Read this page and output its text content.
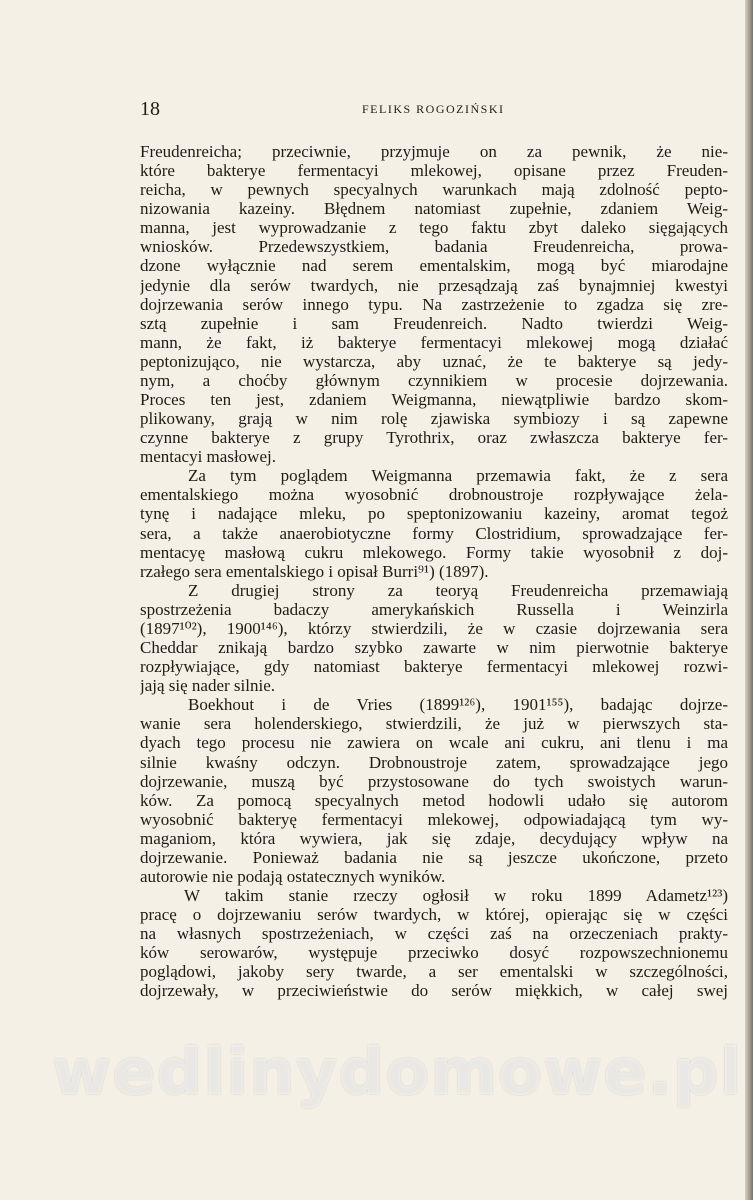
18	FELIKS ROGOZIŃSKI
Freudenreicha; przeciwnie, przyjmuje on za pewnik, że nie-
które bakterye fermentacyi mlekowej, opisane przez Freuden-
reicha, w pewnych specyalnych warunkach mają zdolność pepto-
nizowania kazeiny. Błędnem natomiast zupełnie, zdaniem Weig-
manna, jest wyprowadzanie z tego faktu zbyt daleko sięgających
wniosków. Przedewszystkiem, badania Freudenreicha, prowa-
dzone wyłącznie nad serem ementalskim, mogą być miarodajne
jedynie dla serów twardych, nie przesądzają zaś bynajmniej kwestyi
dojrzewania serów innego typu. Na zastrzeżenie to zgadza się zre-
sztą zupełnie i sam Freudenreich. Nadto twierdzi Weig-
mann, że fakt, iż bakterye fermentacyi mlekowej mogą działać
peptonizująco, nie wystarcza, aby uznać, że te bakterye są jedy-
nym, a choćby głównym czynnikiem w procesie dojrzewania.
Proces ten jest, zdaniem Weigmanna, niewątpliwie bardzo skom-
plikowany, grają w nim rolę zjawiska symbiozy i są zapewne
czynne bakterye z grupy Tyrothrix, oraz zwłaszcza bakterye fer-
mentacyi masłowej.
Za tym poglądem Weigmanna przemawia fakt, że z sera
ementalskiego można wyosobnić drobnoustroje rozpływające żela-
tynę i nadające mleku, po speptonizowaniu kazeiny, aromat tegoż
sera, a także anaerobiotyczne formy Clostridium, sprowadzające fer-
mentacyę masłową cukru mlekowego. Formy takie wyosobnił z doj-
rzałego sera ementalskiego i opisał Burri⁹¹) (1897).
Z drugiej strony za teoryą Freudenreicha przemawiają
spostrzeżenia badaczy amerykańskich Russella i Weinzirla
(1897¹⁰²), 1900¹⁴⁶), którzy stwierdzili, że w czasie dojrzewania sera
Cheddar znikają bardzo szybko zawarte w nim pierwotnie bakterye
rozpływiające, gdy natomiast bakterye fermentacyi mlekowej rozwi-
jają się nader silnie.
Boekhout i de Vries (1899¹²⁶), 1901¹⁵⁵), badając dojrze-
wanie sera holenderskiego, stwierdzili, że już w pierwszych sta-
dyach tego procesu nie zawiera on wcale ani cukru, ani tlenu i ma
silnie kwaśny odczyn. Drobnoustroje zatem, sprowadzające jego
dojrzewanie, muszą być przystosowane do tych swoistych warun-
ków. Za pomocą specyalnych metod hodowli udało się autorom
wyosobnić bakteryę fermentacyi mlekowej, odpowiadającą tym wy-
maganiom, która wywiera, jak się zdaje, decydujący wpływ na
dojrzewanie. Ponieważ badania nie są jeszcze ukończone, przeto
autorowie nie podają ostatecznych wyników.
W takim stanie rzeczy ogłosił w roku 1899 Adametz¹²³)
pracę o dojrzewaniu serów twardych, w której, opierając się w części
na własnych spostrzeżeniach, w części zaś na orzeczeniach prakty-
ków serowarów, występuje przeciwko dosyć rozpowszechnionemu
poglądowi, jakoby sery twarde, a ser ementalski w szczególności,
dojrzewały, w przeciwieństwie do serów miękkich, w całej swej
wedlinydomowe.pl
